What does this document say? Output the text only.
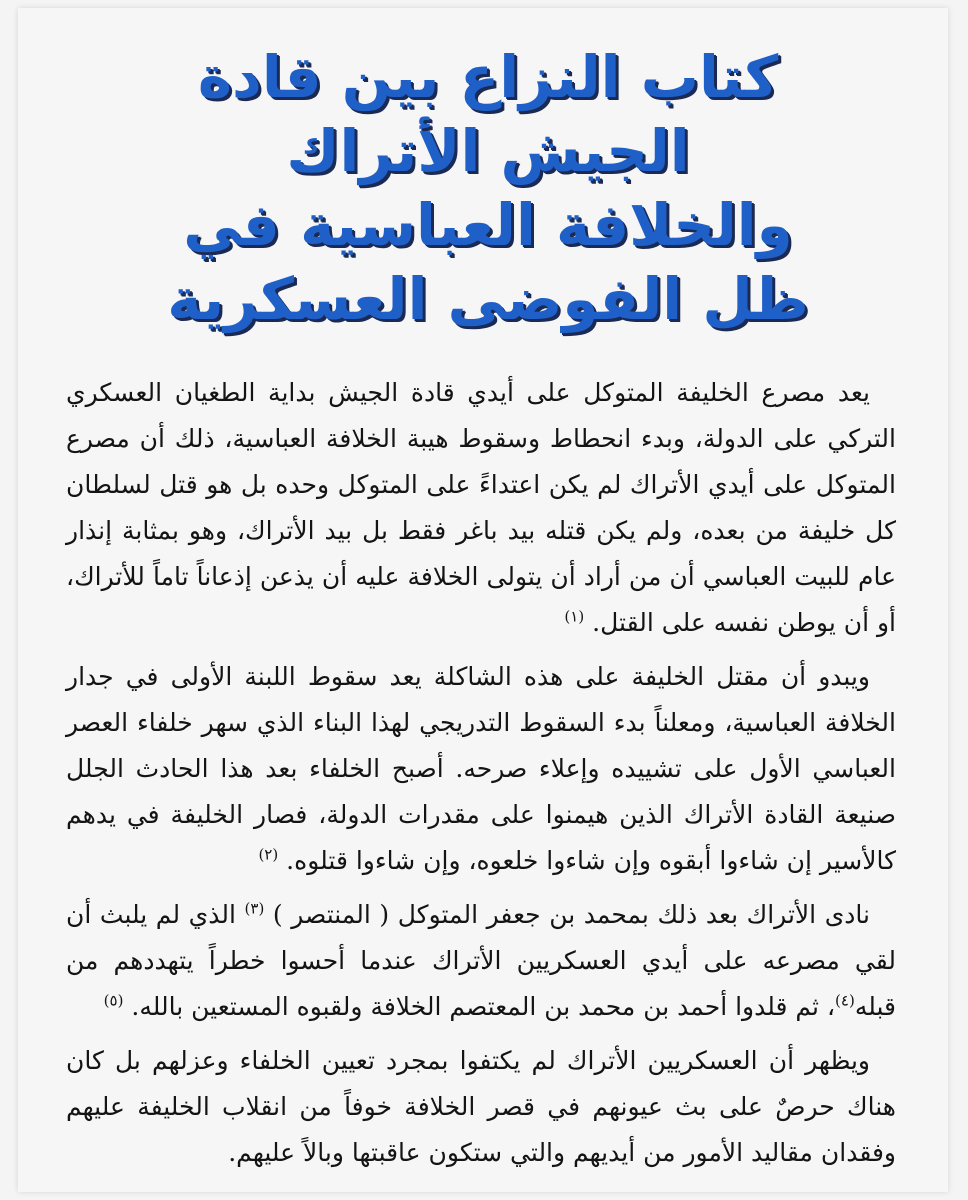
كتاب النزاع بين قادة الجيش الأتراك والخلافة العباسية في ظل الفوضى العسكرية

يعد مصرع الخليفة المتوكل على أيدي قادة الجيش بداية الطغيان العسكري التركي على الدولة، وبدء انحطاط وسقوط هيبة الخلافة العباسية، ذلك أن مصرع المتوكل على أيدي الأتراك لم يكن اعتداءً على المتوكل وحده بل هو قتل لسلطان كل خليفة من بعده، ولم يكن قتله بيد باغر فقط بل بيد الأتراك، وهو بمثابة إنذار عام للبيت العباسي أن من أراد أن يتولى الخلافة عليه أن يذعن إذعاناً تاماً للأتراك، أو أن يوطن نفسه على القتل. $^{(١)}$

ويبدو أن مقتل الخليفة على هذه الشاكلة يعد سقوط اللبنة الأولى في جدار الخلافة العباسية، ومعلناً بدء السقوط التدريجي لهذا البناء الذي سهر خلفاء العصر العباسي الأول على تشييده وإعلاء صرحه. أصبح الخلفاء بعد هذا الحادث الجلل صنيعة القادة الأتراك الذين هيمنوا على مقدرات الدولة، فصار الخليفة في يدهم كالأسير إن شاءوا أبقوه وإن شاءوا خلعوه، وإن شاءوا قتلوه. $^{(٢)}$

نادى الأتراك بعد ذلك بمحمد بن جعفر المتوكل ( المنتصر ) $^{(٣)}$ الذي لم يلبث أن لقي مصرعه على أيدي العسكريين الأتراك عندما أحسوا خطراً يتهددهم من قبله$^{(٤)}$، ثم قلدوا أحمد بن محمد بن المعتصم الخلافة ولقبوه المستعين بالله. $^{(٥)}$

ويظهر أن العسكريين الأتراك لم يكتفوا بمجرد تعيين الخلفاء وعزلهم بل كان هناك حرصٌ على بث عيونهم في قصر الخلافة خوفاً من انقلاب الخليفة عليهم وفقدان مقاليد الأمور من أيديهم والتي ستكون عاقبتها وبالاً عليهم.
